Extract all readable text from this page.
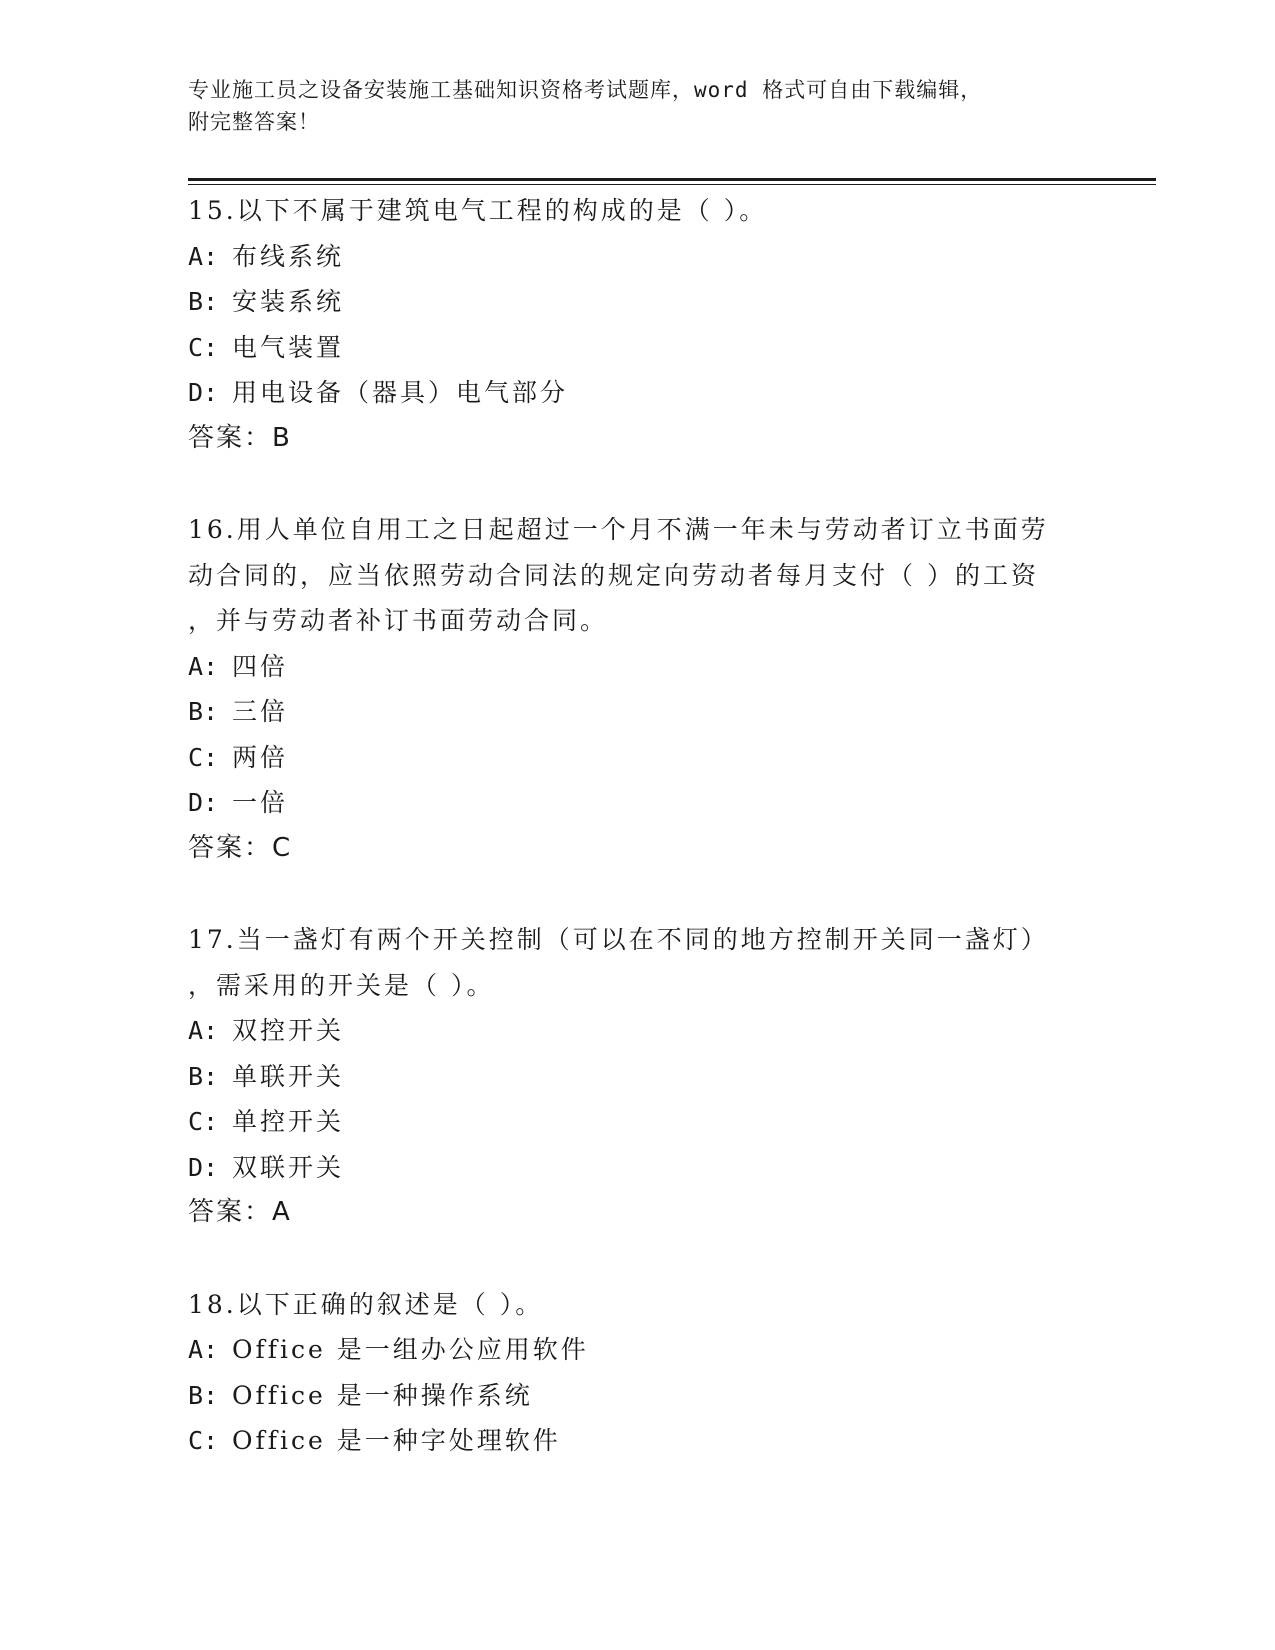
专业施工员之设备安装施工基础知识资格考试题库，word 格式可自由下载编辑，
附完整答案！
15.以下不属于建筑电气工程的构成的是（ ）。
A: 布线系统
B: 安装系统
C: 电气装置
D: 用电设备（器具）电气部分
答案：B
16.用人单位自用工之日起超过一个月不满一年未与劳动者订立书面劳
动合同的，应当依照劳动合同法的规定向劳动者每月支付（ ）的工资
，并与劳动者补订书面劳动合同。
A: 四倍
B: 三倍
C: 两倍
D: 一倍
答案：C
17.当一盏灯有两个开关控制（可以在不同的地方控制开关同一盏灯）
，需采用的开关是（ ）。
A: 双控开关
B: 单联开关
C: 单控开关
D: 双联开关
答案：A
18.以下正确的叙述是（ ）。
A: Office 是一组办公应用软件
B: Office 是一种操作系统
C: Office 是一种字处理软件
